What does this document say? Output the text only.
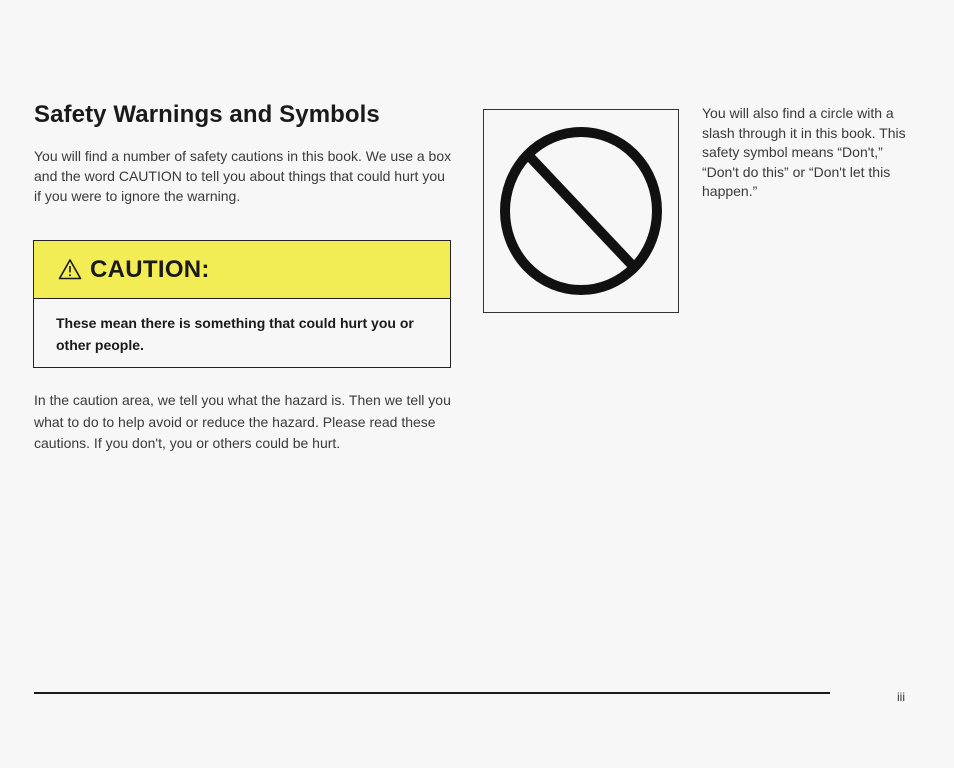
Safety Warnings and Symbols

You will find a number of safety cautions in this book. We use a box and the word CAUTION to tell you about things that could hurt you if you were to ignore the warning.

CAUTION:

These mean there is something that could hurt you or other people.

In the caution area, we tell you what the hazard is. Then we tell you what to do to help avoid or reduce the hazard. Please read these cautions. If you don't, you or others could be hurt.

You will also find a circle with a slash through it in this book. This safety symbol means “Don't,” “Don't do this” or “Don't let this happen.”

iii
